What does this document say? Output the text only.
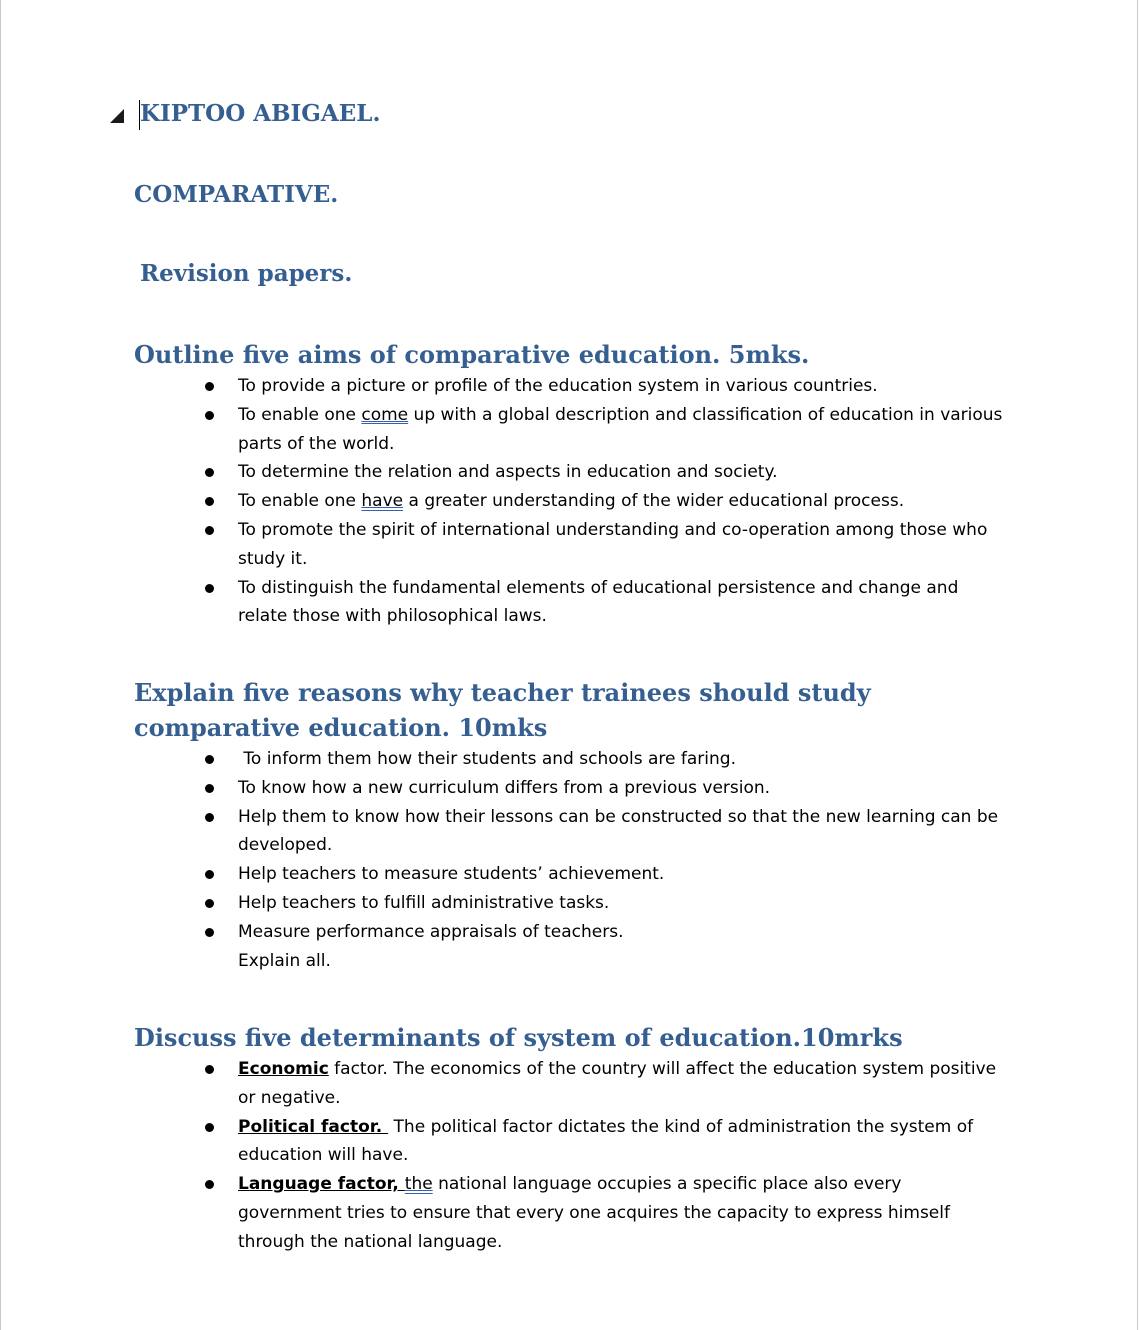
KIPTOO ABIGAEL.
COMPARATIVE.
Revision papers.
Outline five aims of comparative education. 5mks.
To provide a picture or profile of the education system in various countries.
To enable one come up with a global description and classification of education in various parts of the world.
To determine the relation and aspects in education and society.
To enable one have a greater understanding of the wider educational process.
To promote the spirit of international understanding and co-operation among those who study it.
To distinguish the fundamental elements of educational persistence and change and relate those with philosophical laws.
Explain five reasons why teacher trainees should study comparative education. 10mks
To inform them how their students and schools are faring.
To know how a new curriculum differs from a previous version.
Help them to know how their lessons can be constructed so that the new learning can be developed.
Help teachers to measure students’ achievement.
Help teachers to fulfill administrative tasks.
Measure performance appraisals of teachers.
Explain all.
Discuss five determinants of system of education.10mrks
Economic factor. The economics of the country will affect the education system positive or negative.
Political factor.  The political factor dictates the kind of administration the system of education will have.
Language factor, the national language occupies a specific place also every government tries to ensure that every one acquires the capacity to express himself through the national language.
